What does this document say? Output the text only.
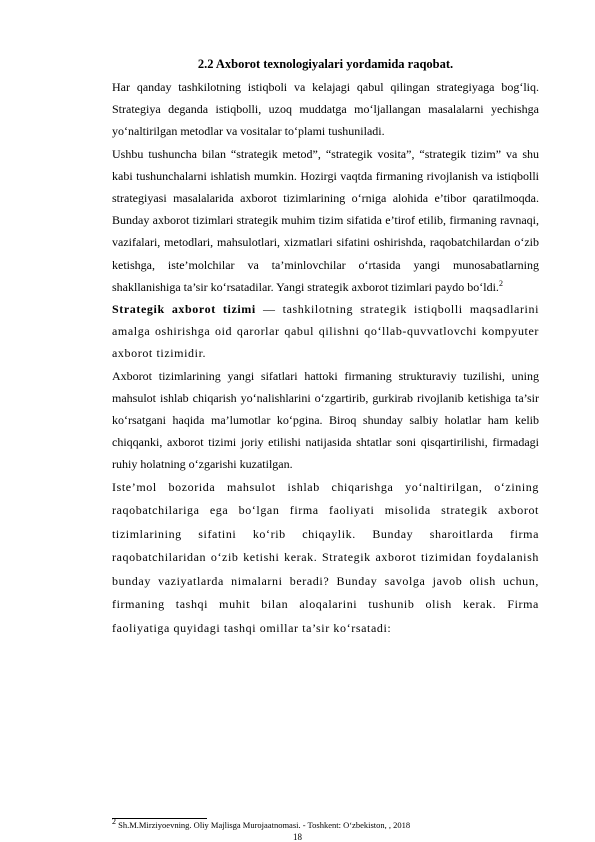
2.2 Axborot texnologiyalari yordamida raqobat.

Har qanday tashkilotning istiqboli va kelajagi qabul qilingan strategiyaga bog‘liq. Strategiya deganda istiqbolli, uzoq muddatga mo‘ljallangan masalalarni yechishga yo‘naltirilgan metodlar va vositalar to‘plami tushuniladi.

Ushbu tushuncha bilan “strategik metod”, “strategik vosita”, “strategik tizim” va shu kabi tushunchalarni ishlatish mumkin. Hozirgi vaqtda firmaning rivojlanish va istiqbolli strategiyasi masalalarida axborot tizimlarining o‘rniga alohida e’tibor qaratilmoqda. Bunday axborot tizimlari strategik muhim tizim sifatida e’tirof etilib, firmaning ravnaqi, vazifalari, metodlari, mahsulotlari, xizmatlari sifatini oshirishda, raqobatchilardan o‘zib ketishga, iste’molchilar va ta’minlovchilar o‘rtasida yangi munosabatlarning shakllanishiga ta’sir ko‘rsatadilar. Yangi strategik axborot tizimlari paydo bo‘ldi.$^2$

Strategik axborot tizimi — tashkilotning strategik istiqbolli maqsadlarini amalga oshirishga oid qarorlar qabul qilishni qo‘llab-quvvatlovchi kompyuter axborot tizimidir.

Axborot tizimlarining yangi sifatlari hattoki firmaning strukturaviy tuzilishi, uning mahsulot ishlab chiqarish yo‘nalishlarini o‘zgartirib, gurkirab rivojlanib ketishiga ta’sir ko‘rsatgani haqida ma’lumotlar ko‘pgina. Biroq shunday salbiy holatlar ham kelib chiqqanki, axborot tizimi joriy etilishi natijasida shtatlar soni qisqartirilishi, firmadagi ruhiy holatning o‘zgarishi kuzatilgan.

Iste’mol bozorida mahsulot ishlab chiqarishga yo‘naltirilgan, o‘zining raqobatchilariga ega bo‘lgan firma faoliyati misolida strategik axborot tizimlarining sifatini ko‘rib chiqaylik. Bunday sharoitlarda firma raqobatchilaridan o‘zib ketishi kerak. Strategik axborot tizimidan foydalanish bunday vaziyatlarda nimalarni beradi? Bunday savolga javob olish uchun, firmaning tashqi muhit bilan aloqalarini tushunib olish kerak. Firma faoliyatiga quyidagi tashqi omillar ta’sir ko‘rsatadi:

$^2$ Sh.M.Mirziyoevning. Oliy Majlisga Murojaatnomasi. - Toshkent: O‘zbekiston, , 2018
18
